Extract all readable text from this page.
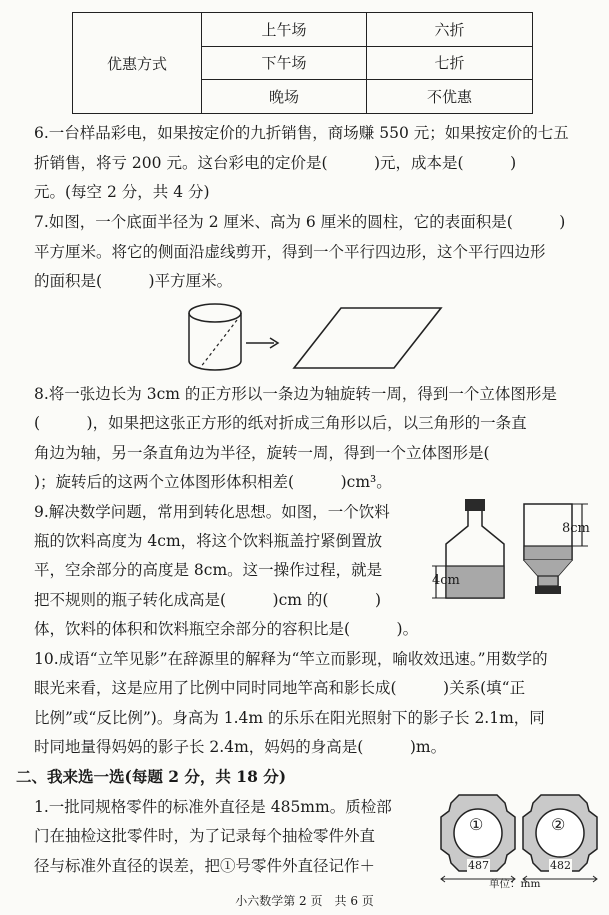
优惠方式	上午场	六折
	下午场	七折
	晚场	不优惠
6.一台样品彩电，如果按定价的九折销售，商场赚 550 元；如果按定价的七五
折销售，将亏 200 元。这台彩电的定价是(　　　)元，成本是(　　　)
元。(每空 2 分，共 4 分)
7.如图，一个底面半径为 2 厘米、高为 6 厘米的圆柱，它的表面积是(　　　)
平方厘米。将它的侧面沿虚线剪开，得到一个平行四边形，这个平行四边形
的面积是(　　　)平方厘米。
8.将一张边长为 3cm 的正方形以一条边为轴旋转一周，得到一个立体图形是
(　　　)，如果把这张正方形的纸对折成三角形以后，以三角形的一条直
角边为轴，另一条直角边为半径，旋转一周，得到一个立体图形是(
)；旋转后的这两个立体图形体积相差(　　　)cm³。
9.解决数学问题，常用到转化思想。如图，一个饮料
瓶的饮料高度为 4cm，将这个饮料瓶盖拧紧倒置放
平，空余部分的高度是 8cm。这一操作过程，就是
把不规则的瓶子转化成高是(　　　)cm 的(　　　)
体，饮料的体积和饮料瓶空余部分的容积比是(　　　)。
4cm
8cm
10.成语“立竿见影”在辞源里的解释为“竿立而影现，喻收效迅速。”用数学的
眼光来看，这是应用了比例中同时同地竿高和影长成(　　　)关系(填“正
比例”或“反比例”)。身高为 1.4m 的乐乐在阳光照射下的影子长 2.1m，同
时同地量得妈妈的影子长 2.4m，妈妈的身高是(　　　)m。
二、我来选一选(每题 2 分，共 18 分)
1.一批同规格零件的标准外直径是 485mm。质检部
门在抽检这批零件时，为了记录每个抽检零件外直
径与标准外直径的误差，把①号零件外直径记作＋
①	②
487	482
单位：mm
小六数学第 2 页　共 6 页
